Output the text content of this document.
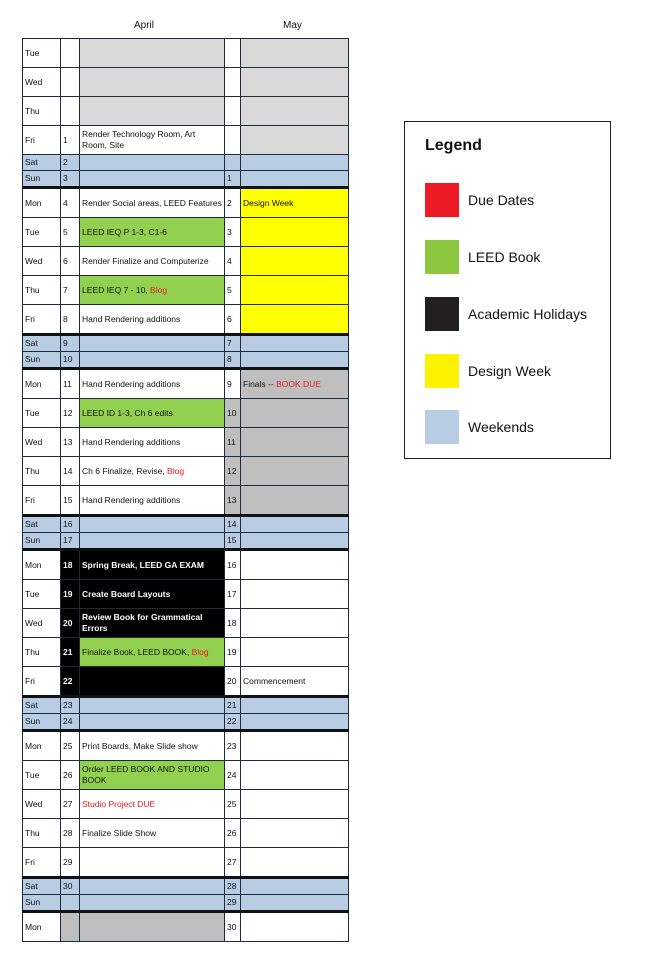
April	May
Tue				
Wed				
Thu				
Fri	1	Render Technology Room, Art Room, Site		
Sat	2			
Sun	3		1	
Mon	4	Render Social areas, LEED Features	2	Design Week
Tue	5	LEED IEQ P 1-3, C1-6	3	
Wed	6	Render Finalize and Computerize	4	
Thu	7	LEED IEQ 7 - 10, Blog	5	
Fri	8	Hand Rendering additions	6	
Sat	9		7	
Sun	10		8	
Mon	11	Hand Rendering additions	9	Finals -- BOOK DUE
Tue	12	LEED ID 1-3, Ch 6 edits	10	
Wed	13	Hand Rendering additions	11	
Thu	14	Ch 6 Finalize, Revise, Blog	12	
Fri	15	Hand Rendering additions	13	
Sat	16		14	
Sun	17		15	
Mon	18	Spring Break, LEED GA EXAM	16	
Tue	19	Create Board Layouts	17	
Wed	20	Review Book for Grammatical Errors	18	
Thu	21	Finalize Book, LEED BOOK, Blog	19	
Fri	22		20	Commencement
Sat	23		21	
Sun	24		22	
Mon	25	Print Boards, Make Slide show	23	
Tue	26	Order LEED BOOK AND STUDIO BOOK	24	
Wed	27	Studio Project DUE	25	
Thu	28	Finalize Slide Show	26	
Fri	29		27	
Sat	30		28	
Sun			29	
Mon			30	
Legend
Due Dates
LEED Book
Academic Holidays
Design Week
Weekends
